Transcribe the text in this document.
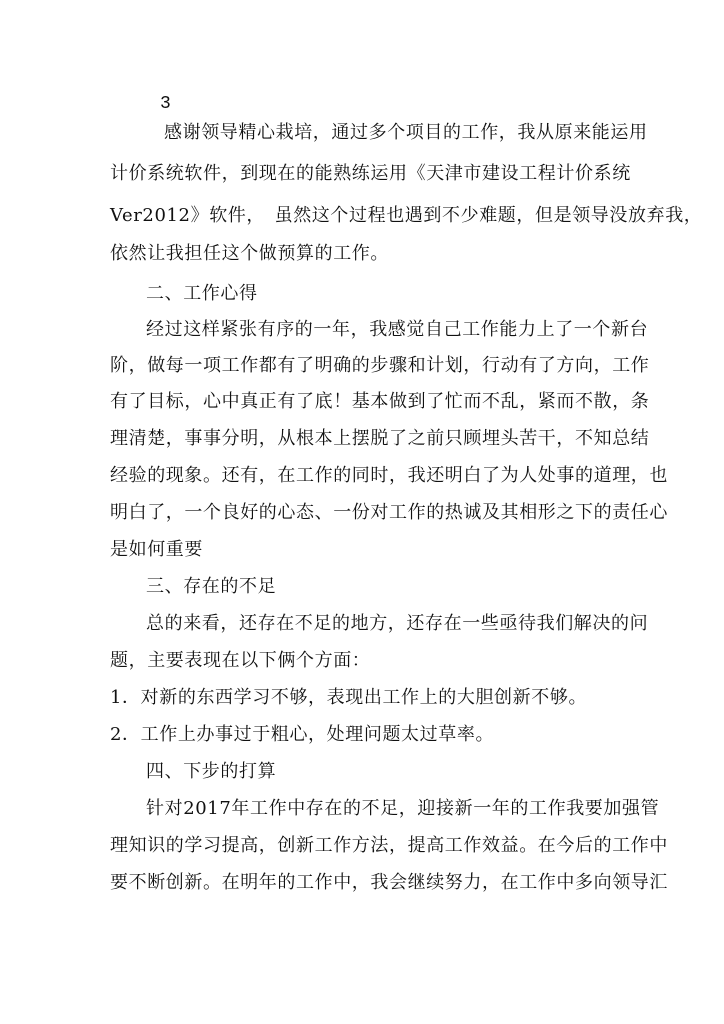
3
感谢领导精心栽培，通过多个项目的工作，我从原来能运用
计价系统软件，到现在的能熟练运用《天津市建设工程计价系统
Ver2012》软件，　虽然这个过程也遇到不少难题，但是领导没放弃我，
依然让我担任这个做预算的工作。
二、工作心得
经过这样紧张有序的一年，我感觉自己工作能力上了一个新台
阶，做每一项工作都有了明确的步骤和计划，行动有了方向，工作
有了目标，心中真正有了底！基本做到了忙而不乱，紧而不散，条
理清楚，事事分明，从根本上摆脱了之前只顾埋头苦干，不知总结
经验的现象。还有，在工作的同时，我还明白了为人处事的道理，也
明白了，一个良好的心态、一份对工作的热诚及其相形之下的责任心
是如何重要
三、存在的不足
总的来看，还存在不足的地方，还存在一些亟待我们解决的问
题，主要表现在以下俩个方面：
1．对新的东西学习不够，表现出工作上的大胆创新不够。
2．工作上办事过于粗心，处理问题太过草率。
四、下步的打算
针对2017年工作中存在的不足，迎接新一年的工作我要加强管
理知识的学习提高，创新工作方法，提高工作效益。在今后的工作中
要不断创新。在明年的工作中，我会继续努力，在工作中多向领导汇
